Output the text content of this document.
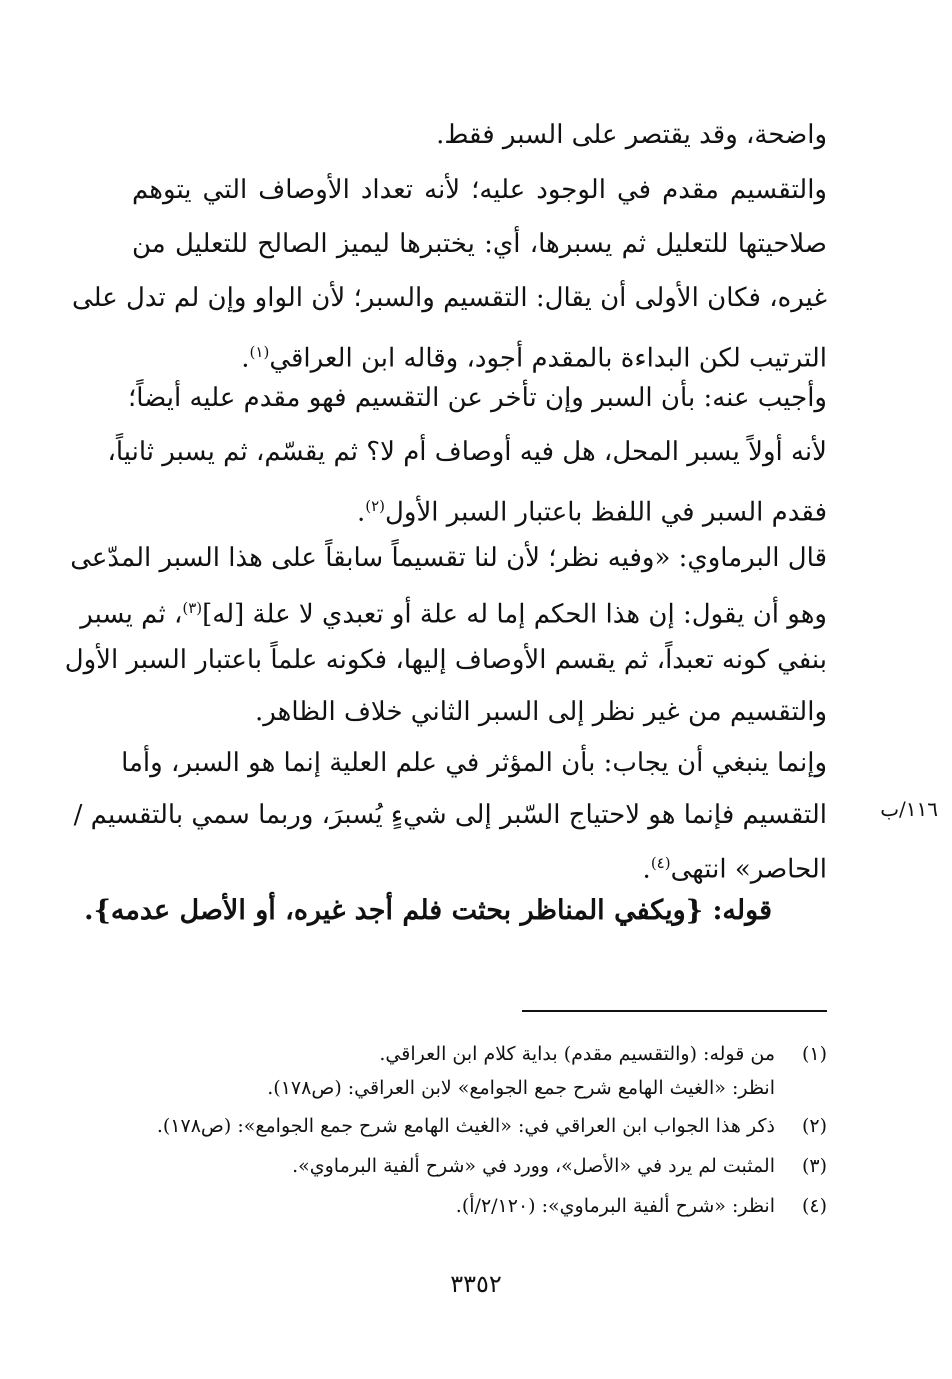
واضحة، وقد يقتصر على السبر فقط.
والتقسيم مقدم في الوجود عليه؛ لأنه تعداد الأوصاف التي يتوهم
صلاحيتها للتعليل ثم يسبرها، أي: يختبرها ليميز الصالح للتعليل من
غيره، فكان الأولى أن يقال: التقسيم والسبر؛ لأن الواو وإن لم تدل على
الترتيب لكن البداءة بالمقدم أجود، وقاله ابن العراقي$^{(١)}$.
وأجيب عنه: بأن السبر وإن تأخر عن التقسيم فهو مقدم عليه أيضاً؛
لأنه أولاً يسبر المحل، هل فيه أوصاف أم لا؟ ثم يقسّم، ثم يسبر ثانياً،
فقدم السبر في اللفظ باعتبار السبر الأول$^{(٢)}$.
قال البرماوي: «وفيه نظر؛ لأن لنا تقسيماً سابقاً على هذا السبر المدّعى
وهو أن يقول: إن هذا الحكم إما له علة أو تعبدي لا علة [له]$^{(٣)}$، ثم يسبر
بنفي كونه تعبداً، ثم يقسم الأوصاف إليها، فكونه علماً باعتبار السبر الأول
والتقسيم من غير نظر إلى السبر الثاني خلاف الظاهر.
وإنما ينبغي أن يجاب: بأن المؤثر في علم العلية إنما هو السبر، وأما
التقسيم فإنما هو لاحتياج السّبر إلى شيءٍ يُسبرَ، وربما سمي بالتقسيم /
الحاصر» انتهى$^{(٤)}$.
١١٦/ب
قوله: {ويكفي المناظر بحثت فلم أجد غيره، أو الأصل عدمه}.
(١)من قوله: (والتقسيم مقدم) بداية كلام ابن العراقي.
انظر: «الغيث الهامع شرح جمع الجوامع» لابن العراقي: (ص١٧٨).
(٢)ذكر هذا الجواب ابن العراقي في: «الغيث الهامع شرح جمع الجوامع»: (ص١٧٨).
(٣)المثبت لم يرد في «الأصل»، وورد في «شرح ألفية البرماوي».
(٤)انظر: «شرح ألفية البرماوي»: (٢/١٢٠/أ).
٣٣٥٢
